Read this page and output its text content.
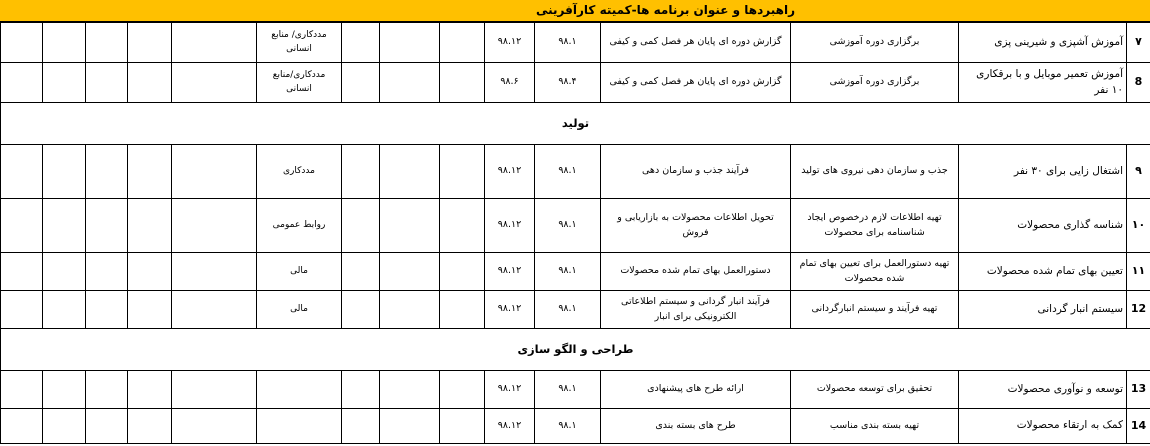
راهبردها و عنوان برنامه ها-کمیته کارآفرینی
۷	آموزش آشپزی و شیرینی پزی	برگزاری دوره آموزشی	گزارش دوره ای پایان هر فصل کمی و کیفی	۹۸.۱	۹۸.۱۲				مددکاری/ منابع انسانی					
8	آموزش تعمیر موبایل و با برقکاری ۱۰ نفر	برگزاری دوره آموزشی	گزارش دوره ای پایان هر فصل کمی و کیفی	۹۸.۴	۹۸.۶				مددکاری/منابع انسانی					
تولید														
۹	اشتغال زایی برای ۳۰ نفر	جذب و سازمان دهی نیروی های تولید	فرآیند جذب و سازمان دهی	۹۸.۱	۹۸.۱۲				مددکاری					
۱۰	شناسه گذاری محصولات	تهیه اطلاعات لازم درخصوص ایجاد شناسنامه برای محصولات	تحویل اطلاعات محصولات به بازاریابی و فروش	۹۸.۱	۹۸.۱۲				روابط عمومی					
۱۱	تعیین بهای تمام شده محصولات	تهیه دستورالعمل برای تعیین بهای تمام شده محصولات	دستورالعمل بهای تمام شده محصولات	۹۸.۱	۹۸.۱۲				مالی					
12	سیستم انبار گردانی	تهیه فرآیند و سیستم انبارگردانی	فرآیند انبار گردانی و سیستم اطلاعاتی الکترونیکی برای انبار	۹۸.۱	۹۸.۱۲				مالی					
طراحی و الگو سازی														
13	توسعه و نوآوری محصولات	تحقیق برای توسعه محصولات	ارائه طرح های پیشنهادی	۹۸.۱	۹۸.۱۲									
14	کمک به ارتقاء محصولات	تهیه بسته بندی مناسب	طرح های بسته بندی	۹۸.۱	۹۸.۱۲									
